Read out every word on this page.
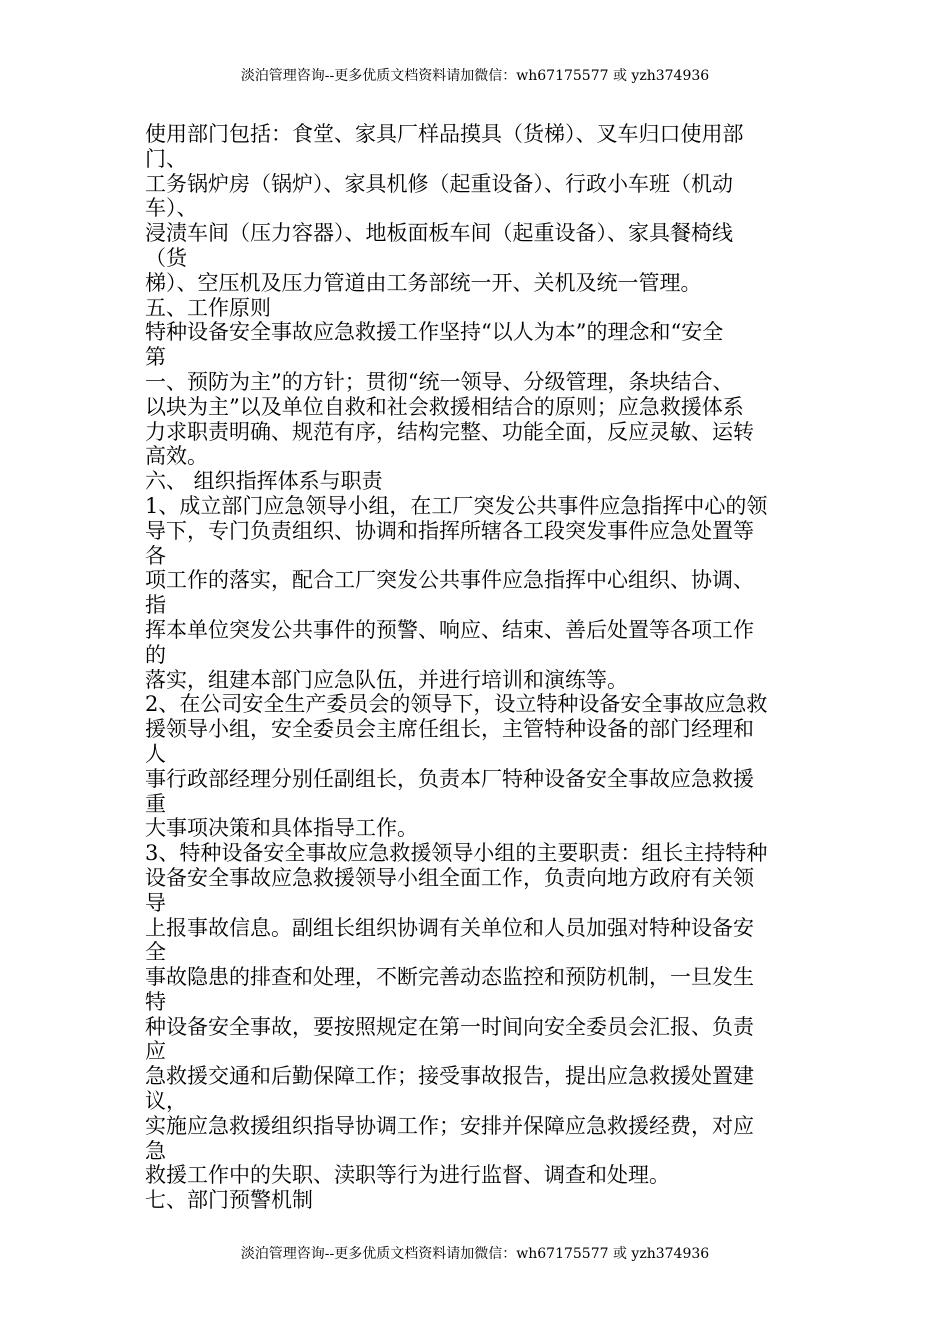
淡泊管理咨询--更多优质文档资料请加微信：wh67175577 或 yzh374936
使用部门包括：食堂、家具厂样品摸具（货梯）、叉车归口使用部
门、
工务锅炉房（锅炉）、家具机修（起重设备）、行政小车班（机动
车）、
浸渍车间（压力容器）、地板面板车间（起重设备）、家具餐椅线
（货
梯）、空压机及压力管道由工务部统一开、关机及统一管理。
五、工作原则
特种设备安全事故应急救援工作坚持“以人为本”的理念和“安全
第
一、预防为主”的方针；贯彻“统一领导、分级管理，条块结合、
以块为主”以及单位自救和社会救援相结合的原则；应急救援体系
力求职责明确、规范有序，结构完整、功能全面，反应灵敏、运转
高效。
六、 组织指挥体系与职责
1、成立部门应急领导小组，在工厂突发公共事件应急指挥中心的领
导下，专门负责组织、协调和指挥所辖各工段突发事件应急处置等
各
项工作的落实，配合工厂突发公共事件应急指挥中心组织、协调、
指
挥本单位突发公共事件的预警、响应、结束、善后处置等各项工作
的
落实，组建本部门应急队伍，并进行培训和演练等。
2、在公司安全生产委员会的领导下，设立特种设备安全事故应急救
援领导小组，安全委员会主席任组长，主管特种设备的部门经理和
人
事行政部经理分别任副组长，负责本厂特种设备安全事故应急救援
重
大事项决策和具体指导工作。
3、特种设备安全事故应急救援领导小组的主要职责：组长主持特种
设备安全事故应急救援领导小组全面工作，负责向地方政府有关领
导
上报事故信息。副组长组织协调有关单位和人员加强对特种设备安
全
事故隐患的排查和处理，不断完善动态监控和预防机制，一旦发生
特
种设备安全事故，要按照规定在第一时间向安全委员会汇报、负责
应
急救援交通和后勤保障工作；接受事故报告，提出应急救援处置建
议，
实施应急救援组织指导协调工作；安排并保障应急救援经费，对应
急
救援工作中的失职、渎职等行为进行监督、调查和处理。
七、部门预警机制
淡泊管理咨询--更多优质文档资料请加微信：wh67175577 或 yzh374936
